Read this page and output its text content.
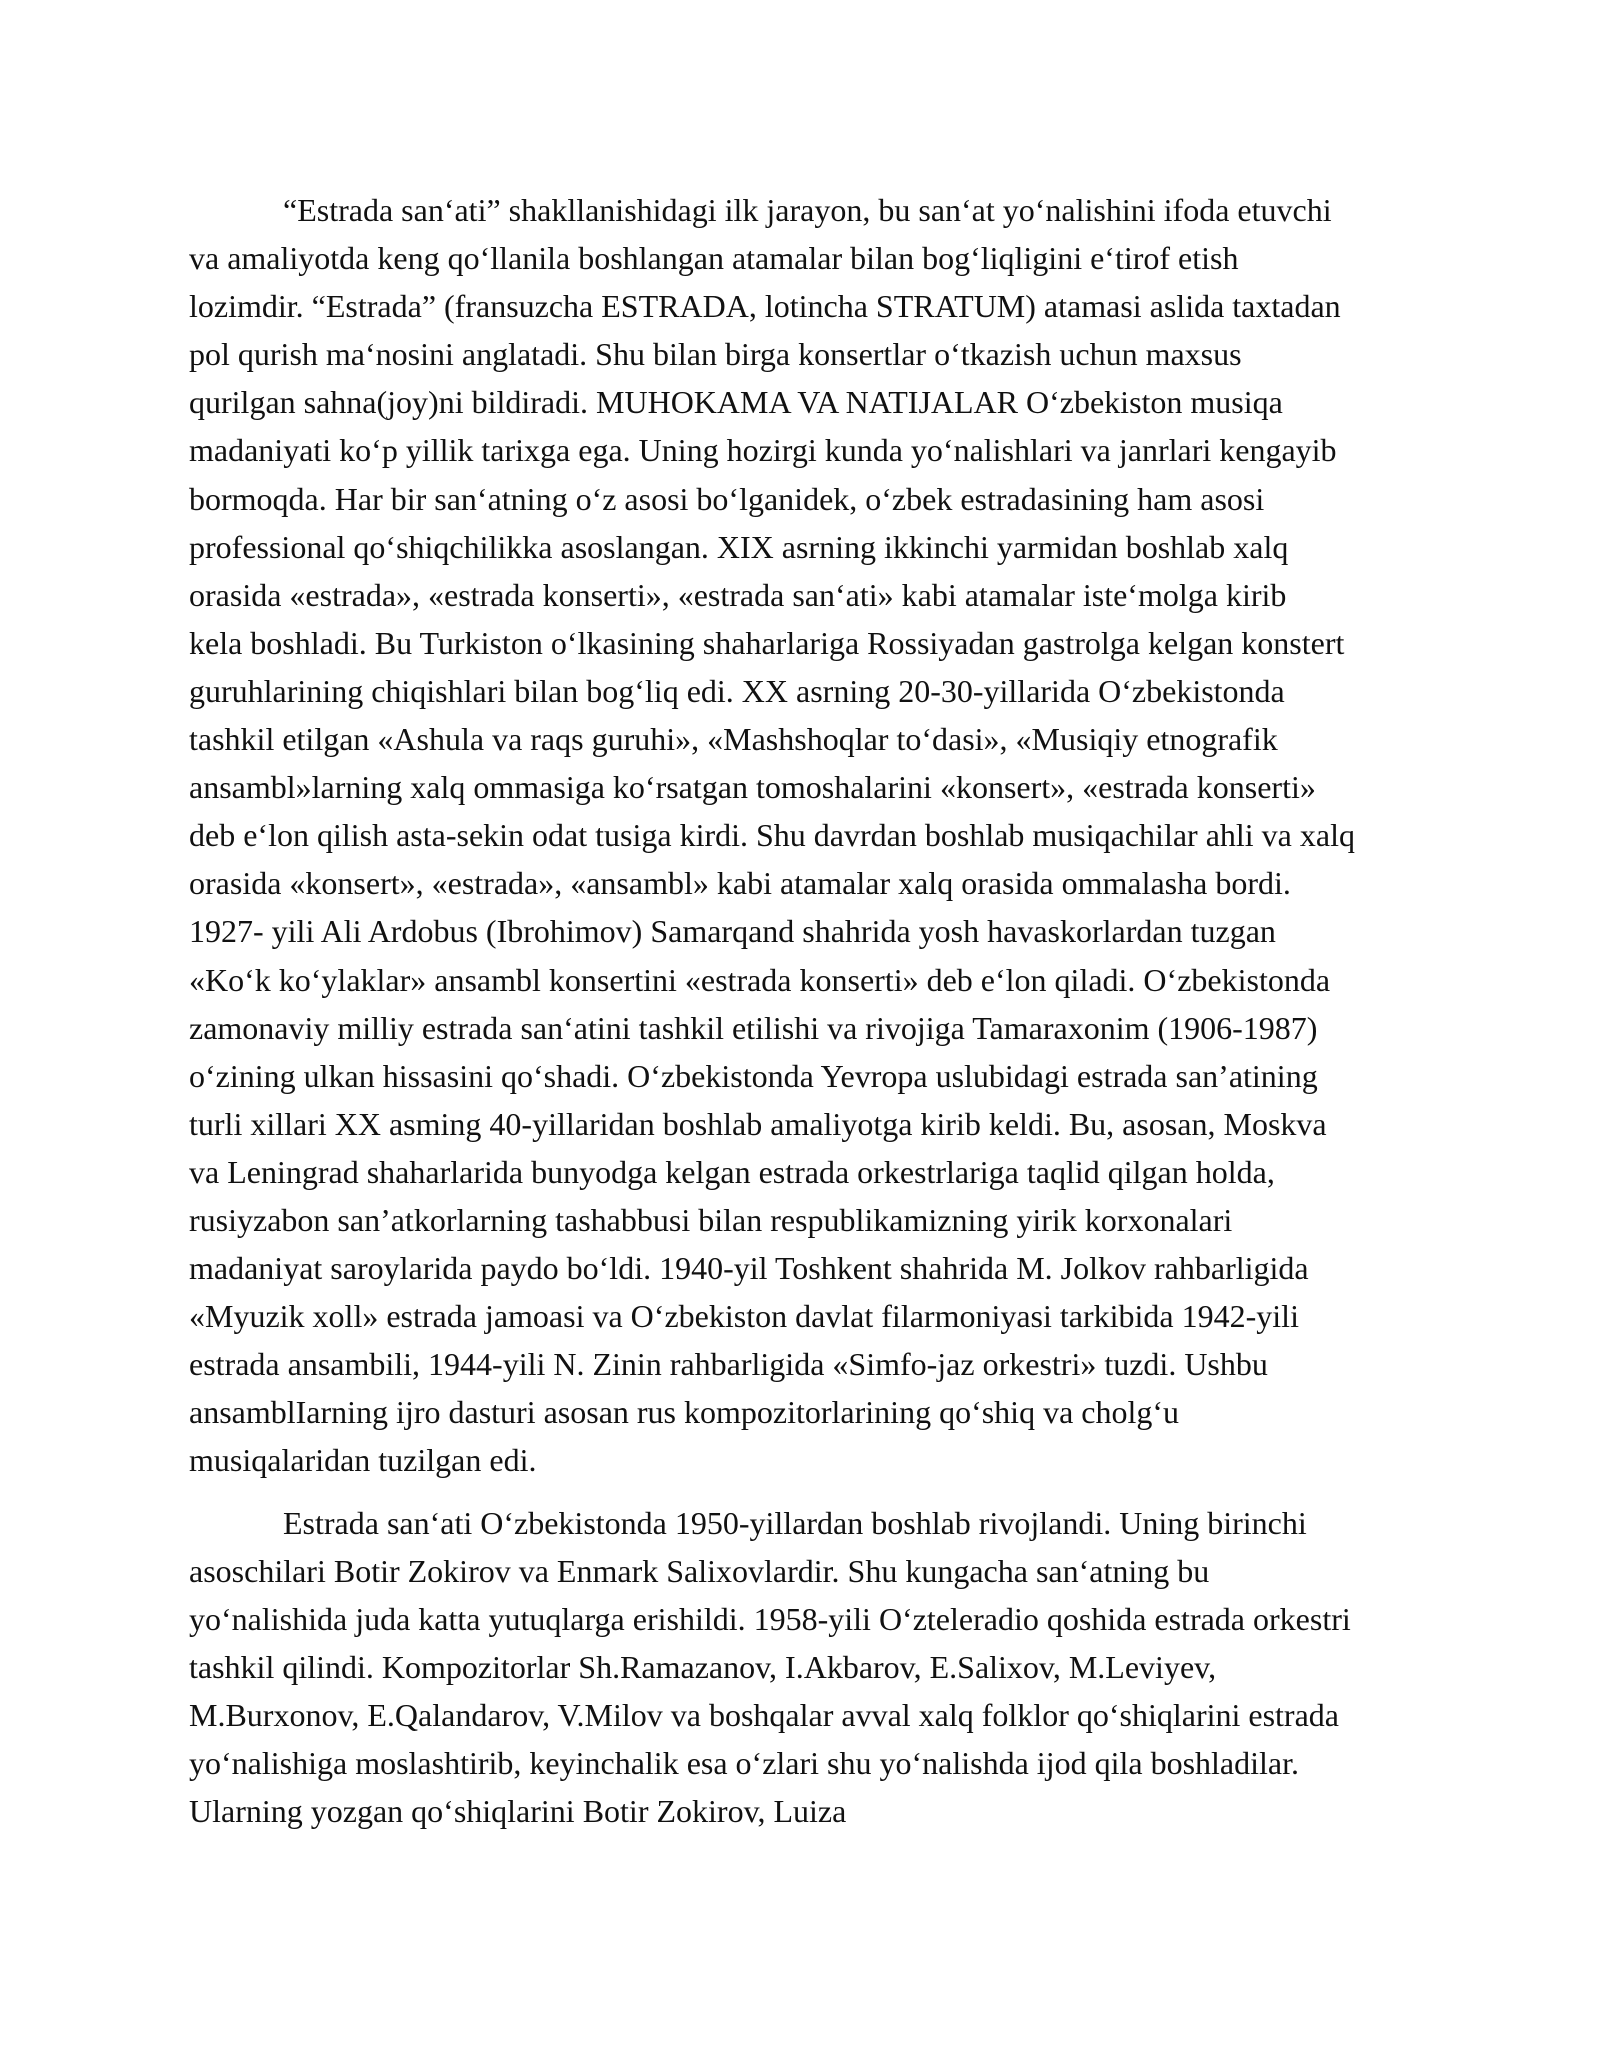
“Estrada san‘ati” shakllanishidagi ilk jarayon, bu san‘at yo‘nalishini ifoda etuvchi
va amaliyotda keng qo‘llanila boshlangan atamalar bilan bog‘liqligini e‘tirof etish
lozimdir. “Estrada” (fransuzcha ESTRADA, lotincha STRATUM) atamasi aslida taxtadan
pol qurish ma‘nosini anglatadi. Shu bilan birga konsertlar o‘tkazish uchun maxsus
qurilgan sahna(joy)ni bildiradi. MUHOKAMA VA NATIJALAR O‘zbekiston musiqa
madaniyati ko‘p yillik tarixga ega. Uning hozirgi kunda yo‘nalishlari va janrlari kengayib
bormoqda. Har bir san‘atning o‘z asosi bo‘lganidek, o‘zbek estradasining ham asosi
professional qo‘shiqchilikka asoslangan. XIX asrning ikkinchi yarmidan boshlab xalq
orasida «estrada», «estrada konserti», «estrada san‘ati» kabi atamalar iste‘molga kirib
kela boshladi. Bu Turkiston o‘lkasining shaharlariga Rossiyadan gastrolga kelgan konstert
guruhlarining chiqishlari bilan bog‘liq edi. XX asrning 20-30-yillarida O‘zbekistonda
tashkil etilgan «Ashula va raqs guruhi», «Mashshoqlar to‘dasi», «Musiqiy etnografik
ansambl»larning xalq ommasiga ko‘rsatgan tomoshalarini «konsert», «estrada konserti»
deb e‘lon qilish asta-sekin odat tusiga kirdi. Shu davrdan boshlab musiqachilar ahli va xalq
orasida «konsert», «estrada», «ansambl» kabi atamalar xalq orasida ommalasha bordi.
1927- yili Ali Ardobus (Ibrohimov) Samarqand shahrida yosh havaskorlardan tuzgan
«Ko‘k ko‘ylaklar» ansambl konsertini «estrada konserti» deb e‘lon qiladi. O‘zbekistonda
zamonaviy milliy estrada san‘atini tashkil etilishi va rivojiga Tamaraxonim (1906-1987)
o‘zining ulkan hissasini qo‘shadi. O‘zbekistonda Yevropa uslubidagi estrada san’atining
turli xillari XX asming 40-yillaridan boshlab amaliyotga kirib keldi. Bu, asosan, Moskva
va Leningrad shaharlarida bunyodga kelgan estrada orkestrlariga taqlid qilgan holda,
rusiyzabon san’atkorlarning tashabbusi bilan respublikamizning yirik korxonalari
madaniyat saroylarida paydo bo‘ldi. 1940-yil Toshkent shahrida M. Jolkov rahbarligida
«Myuzik xoll» estrada jamoasi va O‘zbekiston davlat filarmoniyasi tarkibida 1942-yili
estrada ansambili, 1944-yili N. Zinin rahbarligida «Simfo-jaz orkestri» tuzdi. Ushbu
ansamblIarning ijro dasturi asosan rus kompozitorlarining qo‘shiq va cholg‘u
musiqalaridan tuzilgan edi.

Estrada san‘ati O‘zbekistonda 1950-yillardan boshlab rivojlandi. Uning birinchi
asoschilari Botir Zokirov va Enmark Salixovlardir. Shu kungacha san‘atning bu
yo‘nalishida juda katta yutuqlarga erishildi. 1958-yili O‘zteleradio qoshida estrada orkestri
tashkil qilindi. Kompozitorlar Sh.Ramazanov, I.Akbarov, E.Salixov, M.Leviyev,
M.Burxonov, E.Qalandarov, V.Milov va boshqalar avval xalq folklor qo‘shiqlarini estrada
yo‘nalishiga moslashtirib, keyinchalik esa o‘zlari shu yo‘nalishda ijod qila boshladilar.
Ularning yozgan qo‘shiqlarini Botir Zokirov, Luiza
